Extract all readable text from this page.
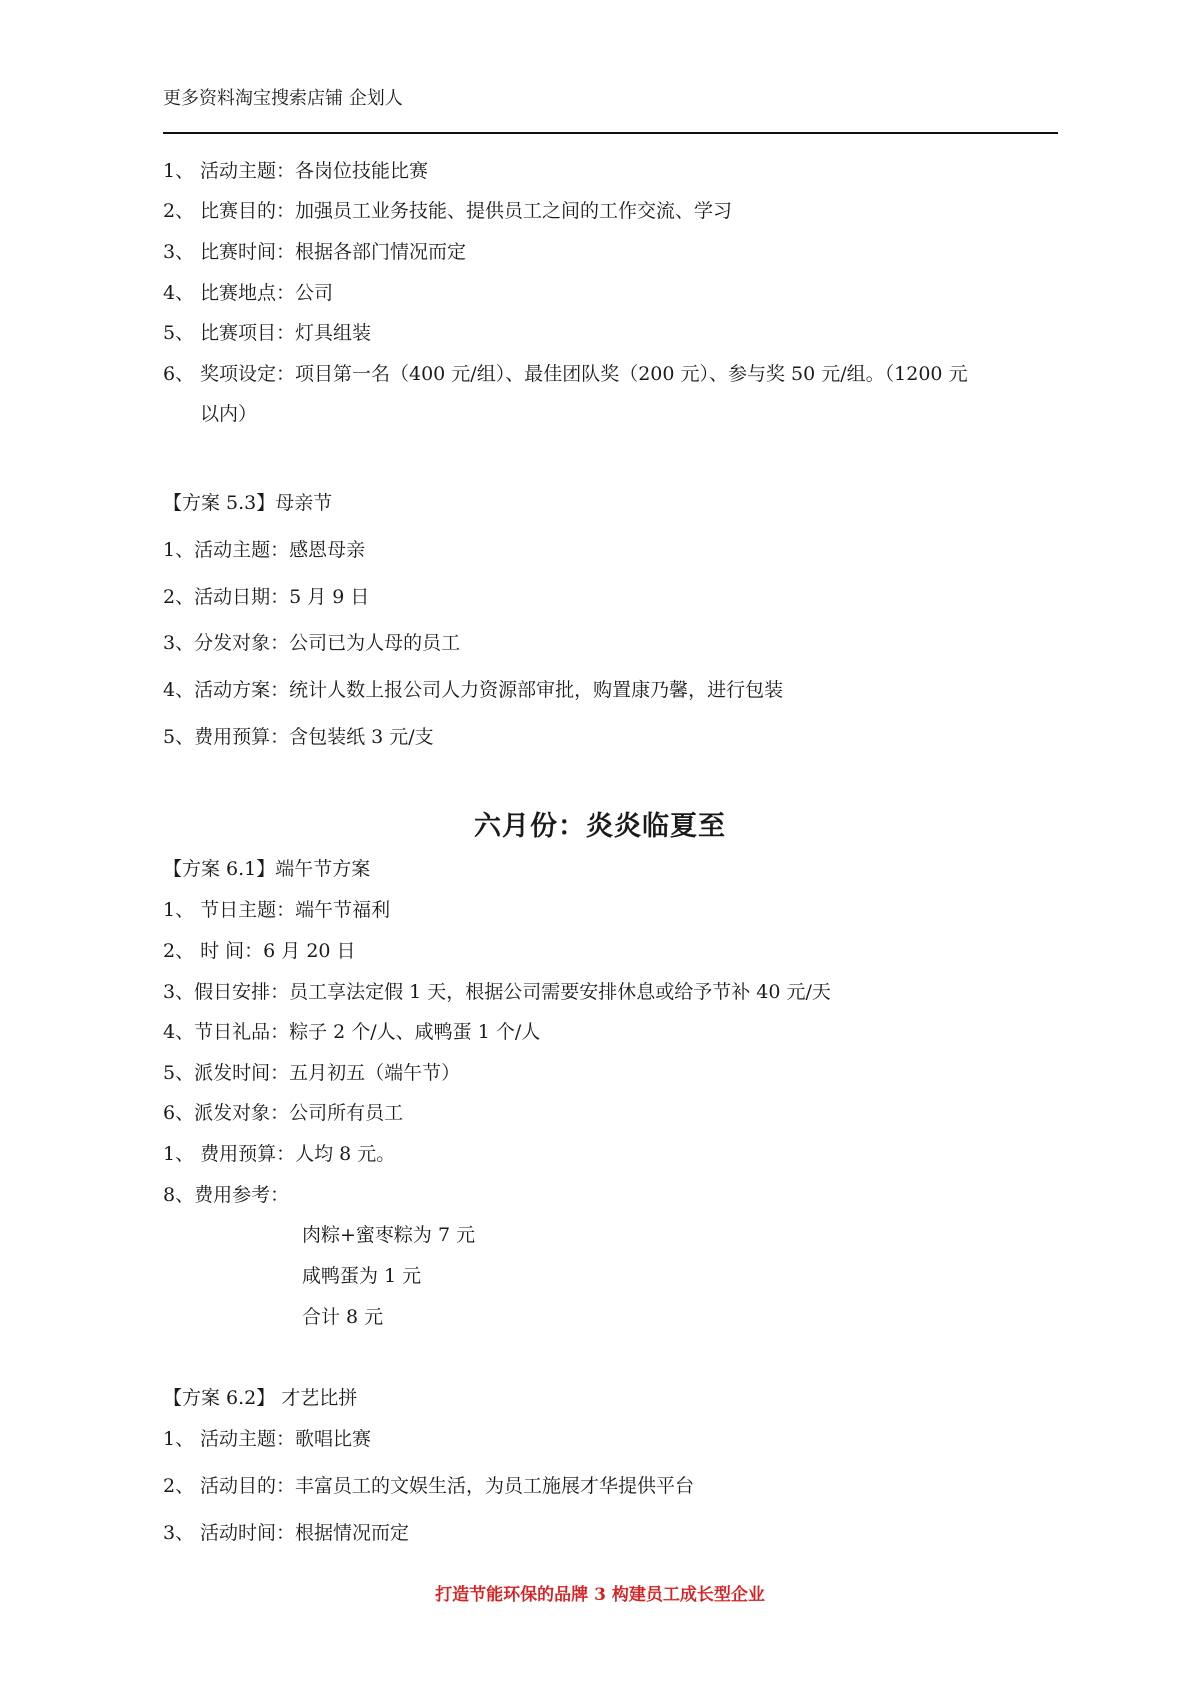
更多资料淘宝搜索店铺 企划人
1、 活动主题：各岗位技能比赛
2、 比赛目的：加强员工业务技能、提供员工之间的工作交流、学习
3、 比赛时间：根据各部门情况而定
4、 比赛地点：公司
5、 比赛项目：灯具组装
6、 奖项设定：项目第一名（400 元/组）、最佳团队奖（200 元）、参与奖 50 元/组。（1200 元
以内）
【方案 5.3】母亲节
1、活动主题：感恩母亲
2、活动日期：5 月 9 日
3、分发对象：公司已为人母的员工
4、活动方案：统计人数上报公司人力资源部审批，购置康乃馨，进行包装
5、费用预算：含包装纸 3 元/支
六月份：炎炎临夏至
【方案 6.1】端午节方案
1、 节日主题：端午节福利
2、 时 间：6 月 20 日
3、假日安排：员工享法定假 1 天，根据公司需要安排休息或给予节补 40 元/天
4、节日礼品：粽子 2 个/人、咸鸭蛋 1 个/人
5、派发时间：五月初五（端午节）
6、派发对象：公司所有员工
1、 费用预算：人均 8 元。
8、费用参考：
肉粽+蜜枣粽为 7 元
咸鸭蛋为 1 元
合计 8 元
【方案 6.2】 才艺比拼
1、 活动主题：歌唱比赛
2、 活动目的：丰富员工的文娱生活，为员工施展才华提供平台
3、 活动时间：根据情况而定
打造节能环保的品牌 3 构建员工成长型企业
